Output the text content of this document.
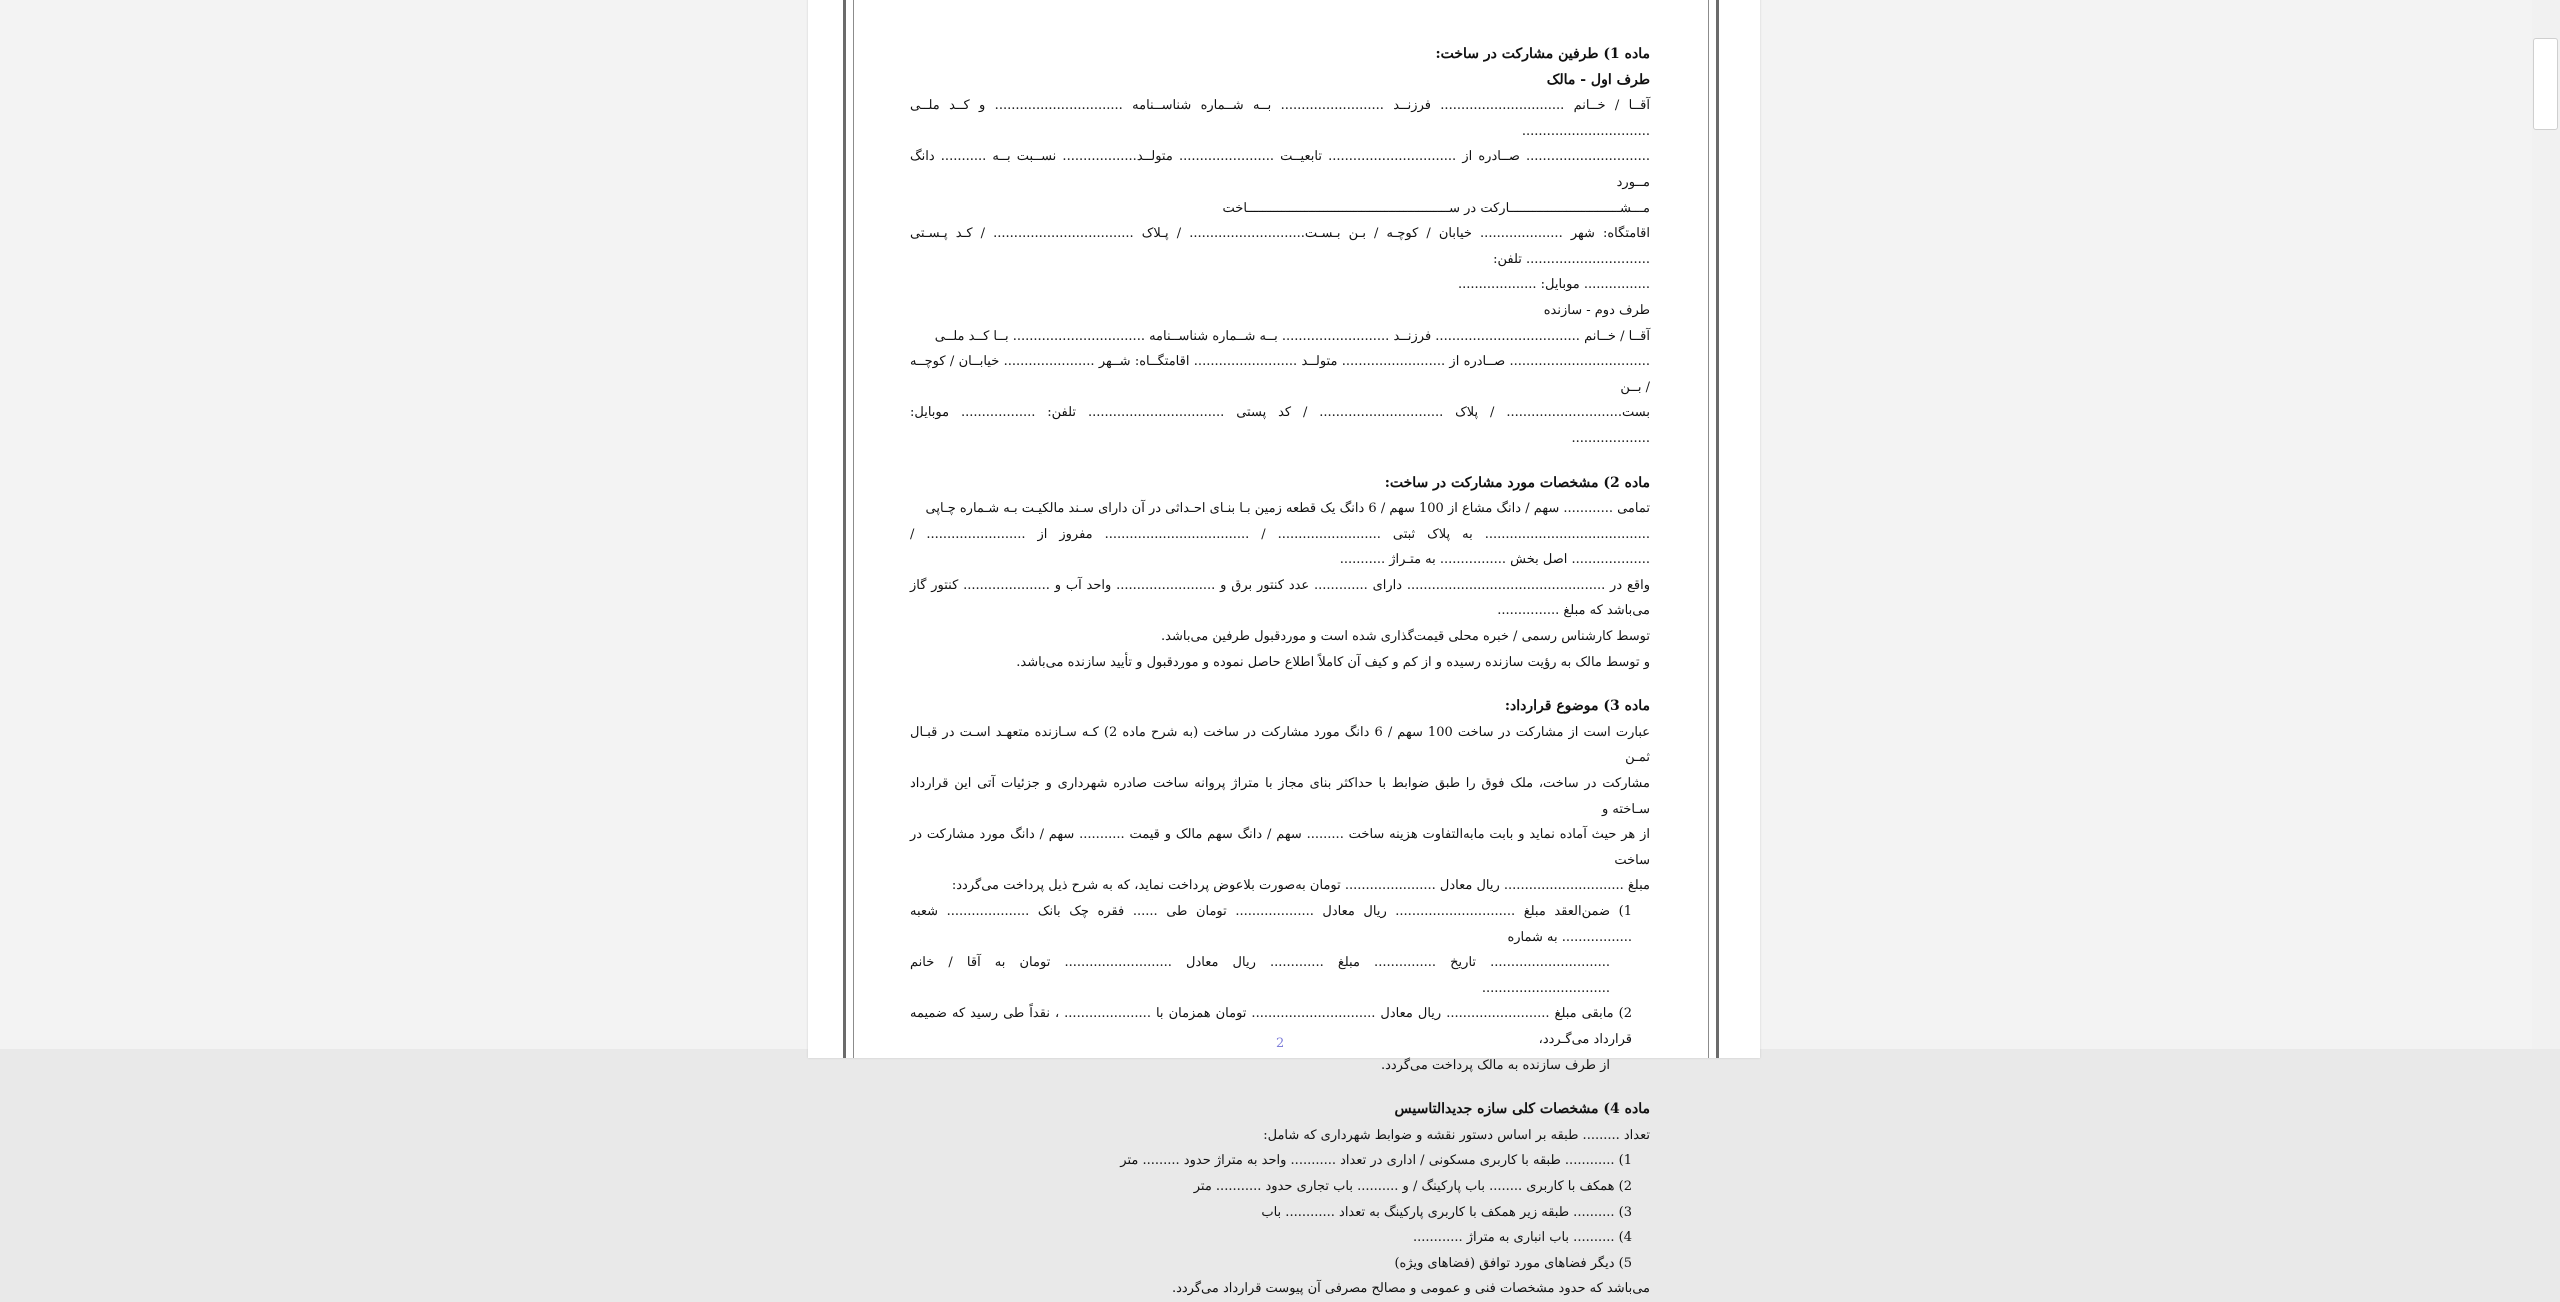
ماده 1) طرفین مشارکت در ساخت:

طرف اول - مالک

آقــا / خــانم .............................. فرزنــد ......................... بــه شــماره شناســنامه ............................... و کــد ملــی ...............................

.............................. صــادره از ............................... تابعیــت ....................... متولــد.................. نســبت بــه ........... دانگ مــورد

مـــشـــــــــــــــــــــــــــــارکت در ســـــــــــــــــــــــــــــــــــــــــــــــــــــاخت

اقامتگاه: شهر .................... خیابان / کوچـه / بـن بـسـت............................ / پـلاک .................................. / کـد پـسـتی .............................. تلفن:

................ موبایل: ...................

طرف دوم - سازنده

آقــا / خــانم ................................... فرزنــد .......................... بــه شــماره شناســنامه ................................ بــا کــد ملــی

.................................. صــادره از ......................... متولــد ......................... اقامتگــاه: شــهر ...................... خیابــان / کوچــه / بــن

بست............................ / پلاک .............................. / کد پستی ................................. تلفن: .................. موبایل: ...................

ماده 2) مشخصات مورد مشارکت در ساخت:

تمامی ............ سهم / دانگ مشاع از 100 سهم / 6 دانگ یک قطعه زمین بـا بنـای احـداثی در آن دارای سـند مالکیـت بـه شـماره چـاپی

........................................ به پلاک ثبتی ......................... / ................................... مفروز از ........................ / ................... اصل بخش ................ به متـراژ ...........

واقع در ................................................ دارای ............. عدد کنتور برق و ........................ واحد آب و ..................... کنتور گاز می‌باشد که مبلغ ...............

توسط کارشناس رسمی / خبره محلی قیمت‌گذاری شده است و موردقبول طرفین می‌باشد.

و توسط مالک به رؤیت سازنده رسیده و از کم و کیف آن کاملاً اطلاع حاصل نموده و موردقبول و تأیید سازنده می‌باشد.

ماده 3) موضوع قرارداد:

عبارت است از مشارکت در ساخت 100 سهم / 6 دانگ مورد مشارکت در ساخت (به شرح ماده 2) کـه سـازنده متعهـد اسـت در قبـال ثمـن

مشارکت در ساخت، ملک فوق را طبق ضوابط با حداکثر بنای مجاز با متراژ پروانه ساخت صادره شهرداری و جزئیات آتی این قرارداد سـاخته و

از هر حیث آماده نماید و بابت مابه‌التفاوت هزینه ساخت ......... سهم / دانگ سهم مالک و قیمت ........... سهم / دانگ مورد مشارکت در ساخت

مبلغ ............................. ریال معادل ...................... تومان به‌صورت بلاعوض پرداخت نماید، که به شرح ذیل پرداخت می‌گردد:

1) ضمن‌العقد مبلغ ............................. ریال معادل ................... تومان طی ...... فقره چک بانک .................... شعبه ................. به شماره

............................. تاریخ ............... مبلغ ............. ریال معادل .......................... تومان به آقا / خانم ...............................

2) مابقی مبلغ ......................... ریال معادل .............................. تومان همزمان با ..................... ، نقداً طی رسید که ضمیمه قرارداد می‌گـردد،

از طرف سازنده به مالک پرداخت می‌گردد.

ماده 4) مشخصات کلی سازه جدیدالتاسیس

تعداد ......... طبقه بر اساس دستور نقشه و ضوابط شهرداری که شامل:

1) ............ طبقه با کاربری مسکونی / اداری در تعداد ........... واحد به متراژ حدود ......... متر

2) همکف با کاربری ........ باب پارکینگ / و .......... باب تجاری حدود ........... متر

3) .......... طبقه زیر همکف با کاربری پارکینگ به تعداد ............ باب

4) .......... باب انباری به متراژ ............

5) دیگر فضاهای مورد توافق (فضاهای ویژه)

می‌باشد که حدود مشخصات فنی و عمومی و مصالح مصرفی آن پیوست قرارداد می‌گردد.

2
